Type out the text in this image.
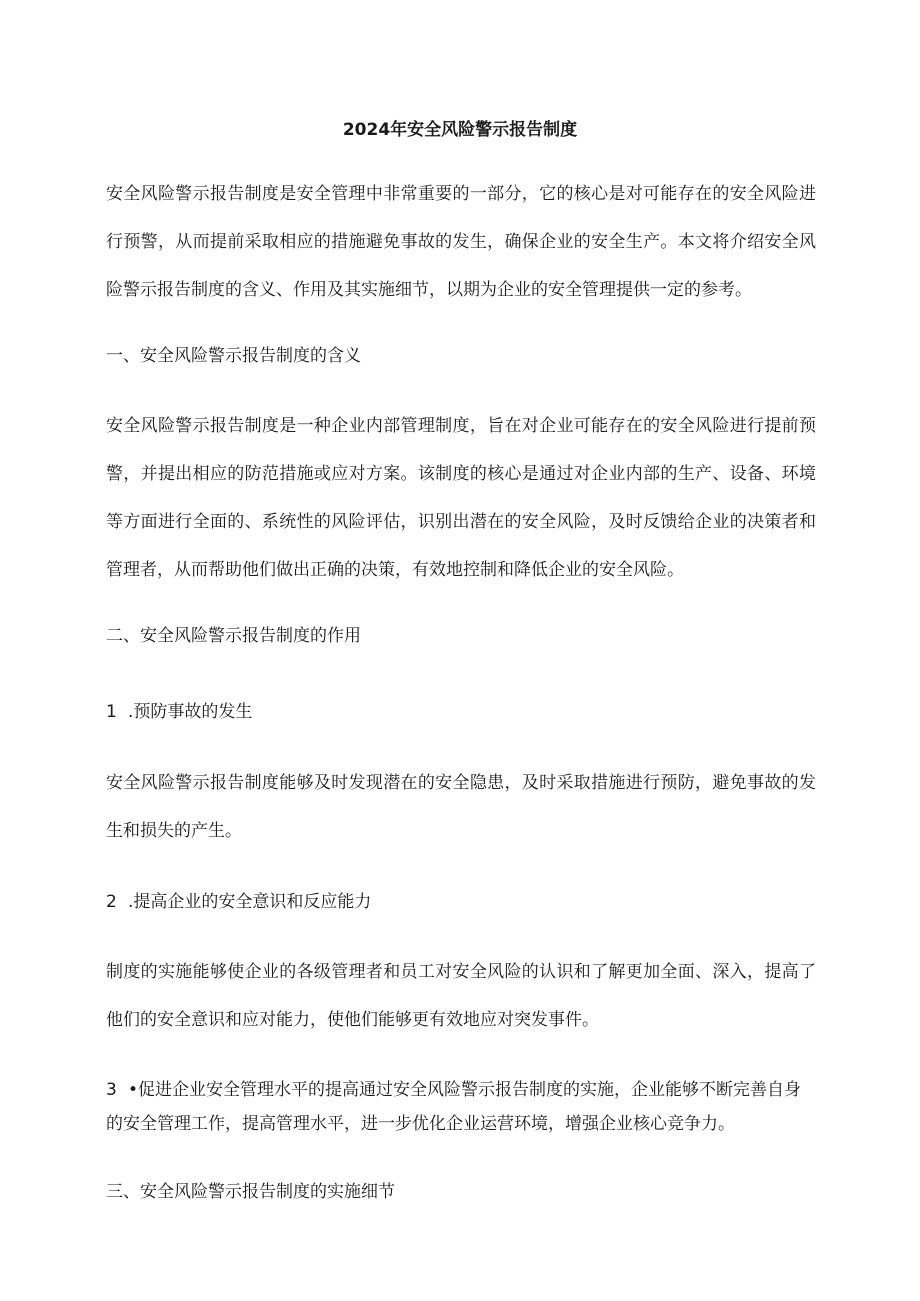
2024年安全风险警示报告制度

安全风险警示报告制度是安全管理中非常重要的一部分，它的核心是对可能存在的安全风险进

行预警，从而提前采取相应的措施避免事故的发生，确保企业的安全生产。本文将介绍安全风

险警示报告制度的含义、作用及其实施细节，以期为企业的安全管理提供一定的参考。

一、安全风险警示报告制度的含义

安全风险警示报告制度是一种企业内部管理制度，旨在对企业可能存在的安全风险进行提前预

警，并提出相应的防范措施或应对方案。该制度的核心是通过对企业内部的生产、设备、环境

等方面进行全面的、系统性的风险评估，识别出潜在的安全风险，及时反馈给企业的决策者和

管理者，从而帮助他们做出正确的决策，有效地控制和降低企业的安全风险。

二、安全风险警示报告制度的作用

1 .预防事故的发生

安全风险警示报告制度能够及时发现潜在的安全隐患，及时采取措施进行预防，避免事故的发

生和损失的产生。

2 .提高企业的安全意识和反应能力

制度的实施能够使企业的各级管理者和员工对安全风险的认识和了解更加全面、深入，提高了

他们的安全意识和应对能力，使他们能够更有效地应对突发事件。

3 •促进企业安全管理水平的提高通过安全风险警示报告制度的实施，企业能够不断完善自身

的安全管理工作，提高管理水平，进一步优化企业运营环境，增强企业核心竞争力。

三、安全风险警示报告制度的实施细节
